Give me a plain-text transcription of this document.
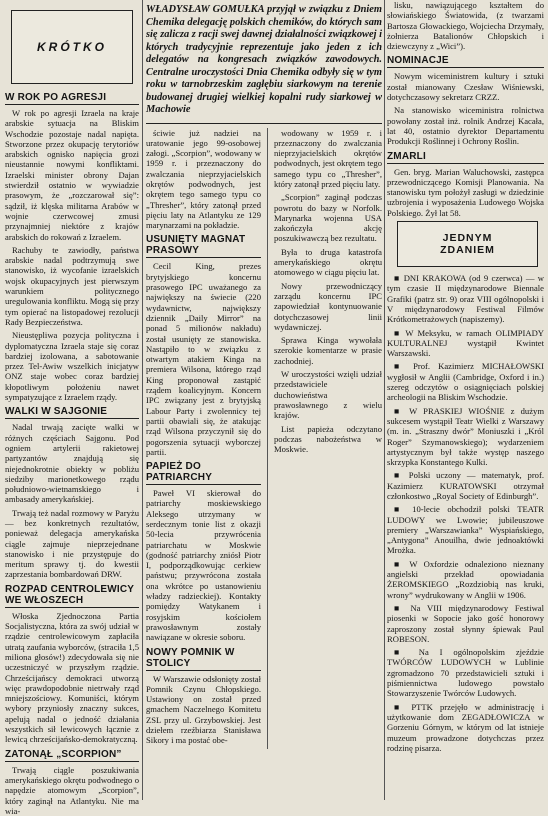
KRÓTKO
W ROK PO AGRESJI

W rok po agresji Izraela na kraje arabskie sytuacja na Bliskim Wschodzie pozostaje nadal napięta. Stworzone przez okupację terytoriów arabskich ognisko napięcia grozi nieustannie nowymi konfliktami. Izraelski minister obrony Dajan stwierdził ostatnio w wywiadzie prasowym, że „rozczarował się”: sądził, iż klęska militarna Arabów w wojnie czerwcowej zmusi przynajmniej niektóre z krajów arabskich do rokowań z Izraelem.

Rachuby te zawiodły, państwa arabskie nadal podtrzymują swe stanowisko, iż wycofanie izraelskich wojsk okupacyjnych jest pierwszym warunkiem politycznego uregulowania konfliktu. Mogą się przy tym opierać na listopadowej rezolucji Rady Bezpieczeństwa.

Nieustępliwa pozycja polityczna i dyplomatyczna Izraela staje się coraz bardziej izolowana, a sabotowanie przez Tel-Awiw wszelkich inicjatyw ONZ staje wobec coraz bardziej kłopotliwym położeniu nawet sympatyzujące z Izraelem rządy.

WALKI W SAJGONIE

Nadal trwają zacięte walki w różnych częściach Sajgonu. Pod ogniem artylerii rakietowej partyzantów znajdują się niejednokrotnie obiekty w pobliżu siedziby marionetkowego rządu południowo-wietnamskiego i ambasady amerykańskiej.

Trwają też nadal rozmowy w Paryżu — bez konkretnych rezultatów, ponieważ delegacja amerykańska ciągle zajmuje nieprzejednane stanowisko i nie przystępuje do meritum sprawy tj. do kwestii zaprzestania bombardowań DRW.

ROZPAD CENTROLEWICY WE WŁOSZECH

Włoska Zjednoczona Partia Socjalistyczna, która za swój udział w rządzie centrolewicowym zapłaciła utratą zaufania wyborców, (straciła 1,5 miliona głosów!) zdecydowała się nie uczestniczyć w przyszłym rządzie. Chrześcijańscy demokraci utworzą więc prawdopodobnie nietrwały rząd mniejszościowy. Komuniści, którym wybory przyniosły znaczny sukces, apelują nadal o jedność działania wszystkich sił lewicowych łącznie z lewicą chrześcijańsko-demokratyczną.

ZATONĄŁ „SCORPION”

Trwają ciągle poszukiwania amerykańskiego okrętu podwodnego o napędzie atomowym „Scorpion”, który zaginął na Atlantyku. Nie ma wia-

WŁADYSŁAW GOMUŁKA przyjął w związku z Dniem Chemika delegację polskich chemików, do których sam się zalicza z racji swej dawnej działalności związkowej i których tradycyjnie reprezentuje jako jeden z ich delegatów na kongresach związków zawodowych. Centralne uroczystości Dnia Chemika odbyły się w tym roku w tarnobrzeskim zagłębiu siarkowym na terenie budowanej drugiej wielkiej kopalni rudy siarkowej w Machowie

ściwie już nadziei na uratowanie jego 99-osobowej załogi. „Scorpion”, wodowany w 1959 r. i przeznaczony do zwalczania nieprzyjacielskich okrętów podwodnych, jest okrętem tego samego typu co „Thresher”, który zatonął przed pięciu laty na Atlantyku ze 129 marynarzami na pokładzie.

USUNIĘTY MAGNAT PRASOWY

Cecil King, prezes brytyjskiego koncernu prasowego IPC uważanego za największy na świecie (220 wydawnictw, największy dziennik „Daily Mirror” na ponad 5 milionów nakładu) został usunięty ze stanowiska. Nastąpiło to w związku z otwartym atakiem Kinga na premiera Wilsona, którego rząd King proponował zastąpić rządem koalicyjnym. Koncern IPC związany jest z brytyjską Labour Party i zwolennicy tej partii obawiali się, że atakując rząd Wilsona przyczynił się do pogorszenia sytuacji wyborczej partii.

PAPIEŻ DO PATRIARCHY

Paweł VI skierował do patriarchy moskiewskiego Aleksego utrzymany w serdecznym tonie list z okazji 50-lecia przywrócenia patriarchatu w Moskwie (godność patriarchy zniósł Piotr I, podporządkowując cerkiew państwu; przywrócona została ona wkrótce po ustanowieniu władzy radzieckiej). Kontakty pomiędzy Watykanem i rosyjskim kościołem prawosławnym zostały nawiązane w okresie soboru.

NOWY POMNIK W STOLICY

W Warszawie odsłonięty został Pomnik Czynu Chłopskiego. Ustawiony on został przed gmachem Naczelnego Komitetu ZSL przy ul. Grzybowskiej. Jest dziełem rzeźbiarza Stanisława Sikory i ma postać obe-

wodowany w 1959 r. i przeznaczony do zwalczania nieprzyjacielskich okrętów podwodnych, jest okrętem tego samego typu co „Thresher”, który zatonął przed pięciu laty.

„Scorpion” zaginął podczas powrotu do bazy w Norfolk. Marynarka wojenna USA zakończyła akcję poszukiwawczą bez rezultatu.

Była to druga katastrofa amerykańskiego okrętu atomowego w ciągu pięciu lat.

Nowy przewodniczący zarządu koncernu IPC zapowiedział kontynuowanie dotychczasowej linii wydawniczej.

Sprawa Kinga wywołała szerokie komentarze w prasie zachodniej.

W uroczystości wzięli udział przedstawiciele duchowieństwa prawosławnego z wielu krajów.

List papieża odczytano podczas nabożeństwa w Moskwie.

lisku, nawiązującego kształtem do słowiańskiego Światowida, (z twarzami Bartosza Głowackiego, Wojciecha Drzymały, żołnierza Batalionów Chłopskich i dziewczyny z „Wici”).

NOMINACJE

Nowym wiceministrem kultury i sztuki został mianowany Czesław Wiśniewski, dotychczasowy sekretarz CRZZ.

Na stanowisko wiceministra rolnictwa powołany został inż. rolnik Andrzej Kacała, lat 40, ostatnio dyrektor Departamentu Produkcji Roślinnej i Ochrony Roślin.

ZMARLI

Gen. bryg. Marian Waluchowski, zastępca przewodniczącego Komisji Planowania. Na stanowisku tym położył zasługi w dziedzinie uzbrojenia i wyposażenia Ludowego Wojska Polskiego. Żył lat 58.

JEDNYM
ZDANIEM

■ DNI KRAKOWA (od 9 czerwca) — w tym czasie II międzynarodowe Biennale Grafiki (patrz str. 9) oraz VIII ogólnopolski i V międzynarodowy Festiwal Filmów Krótkometrażowych (napiszemy).

■ W Meksyku, w ramach OLIMPIADY KULTURALNEJ wystąpił Kwintet Warszawski.

■ Prof. Kazimierz MICHAŁOWSKI wygłosił w Anglii (Cambridge, Oxford i in.) szereg odczytów o osiągnięciach polskiej archeologii na Bliskim Wschodzie.

■ W PRASKIEJ WIOŚNIE z dużym sukcesem wystąpił Teatr Wielki z Warszawy (m. in. „Straszny dwór” Moniuszki i „Król Roger” Szymanowskiego); wydarzeniem artystycznym był także występ naszego skrzypka Konstantego Kulki.

■ Polski uczony — matematyk, prof. Kazimierz KURATOWSKI otrzymał członkostwo „Royal Society of Edinburgh”.

■ 10-lecie obchodził polski TEATR LUDOWY we Lwowie; jubileuszowe premiery „Warszawianka” Wyspiańskiego, „Antygona” Anouilha, dwie jednoaktówki Mrożka.

■ W Oxfordzie odnaleziono nieznany angielski przekład opowiadania ŻEROMSKIEGO „Rozdziobią nas kruki, wrony” wydrukowany w Anglii w 1906.

■ Na VIII międzynarodowy Festiwal piosenki w Sopocie jako gość honorowy zaproszony został słynny śpiewak Paul ROBESON.

■ Na I ogólnopolskim zjeździe TWÓRCÓW LUDOWYCH w Lublinie zgromadzono 70 przedstawicieli sztuki i piśmiennictwa ludowego powstało Stowarzyszenie Twórców Ludowych.

■ PTTK przejęło w administrację i użytkowanie dom ZEGADŁOWICZA w Gorzeniu Górnym, w którym od lat istnieje muzeum prowadzone dotychczas przez rodzinę pisarza.
